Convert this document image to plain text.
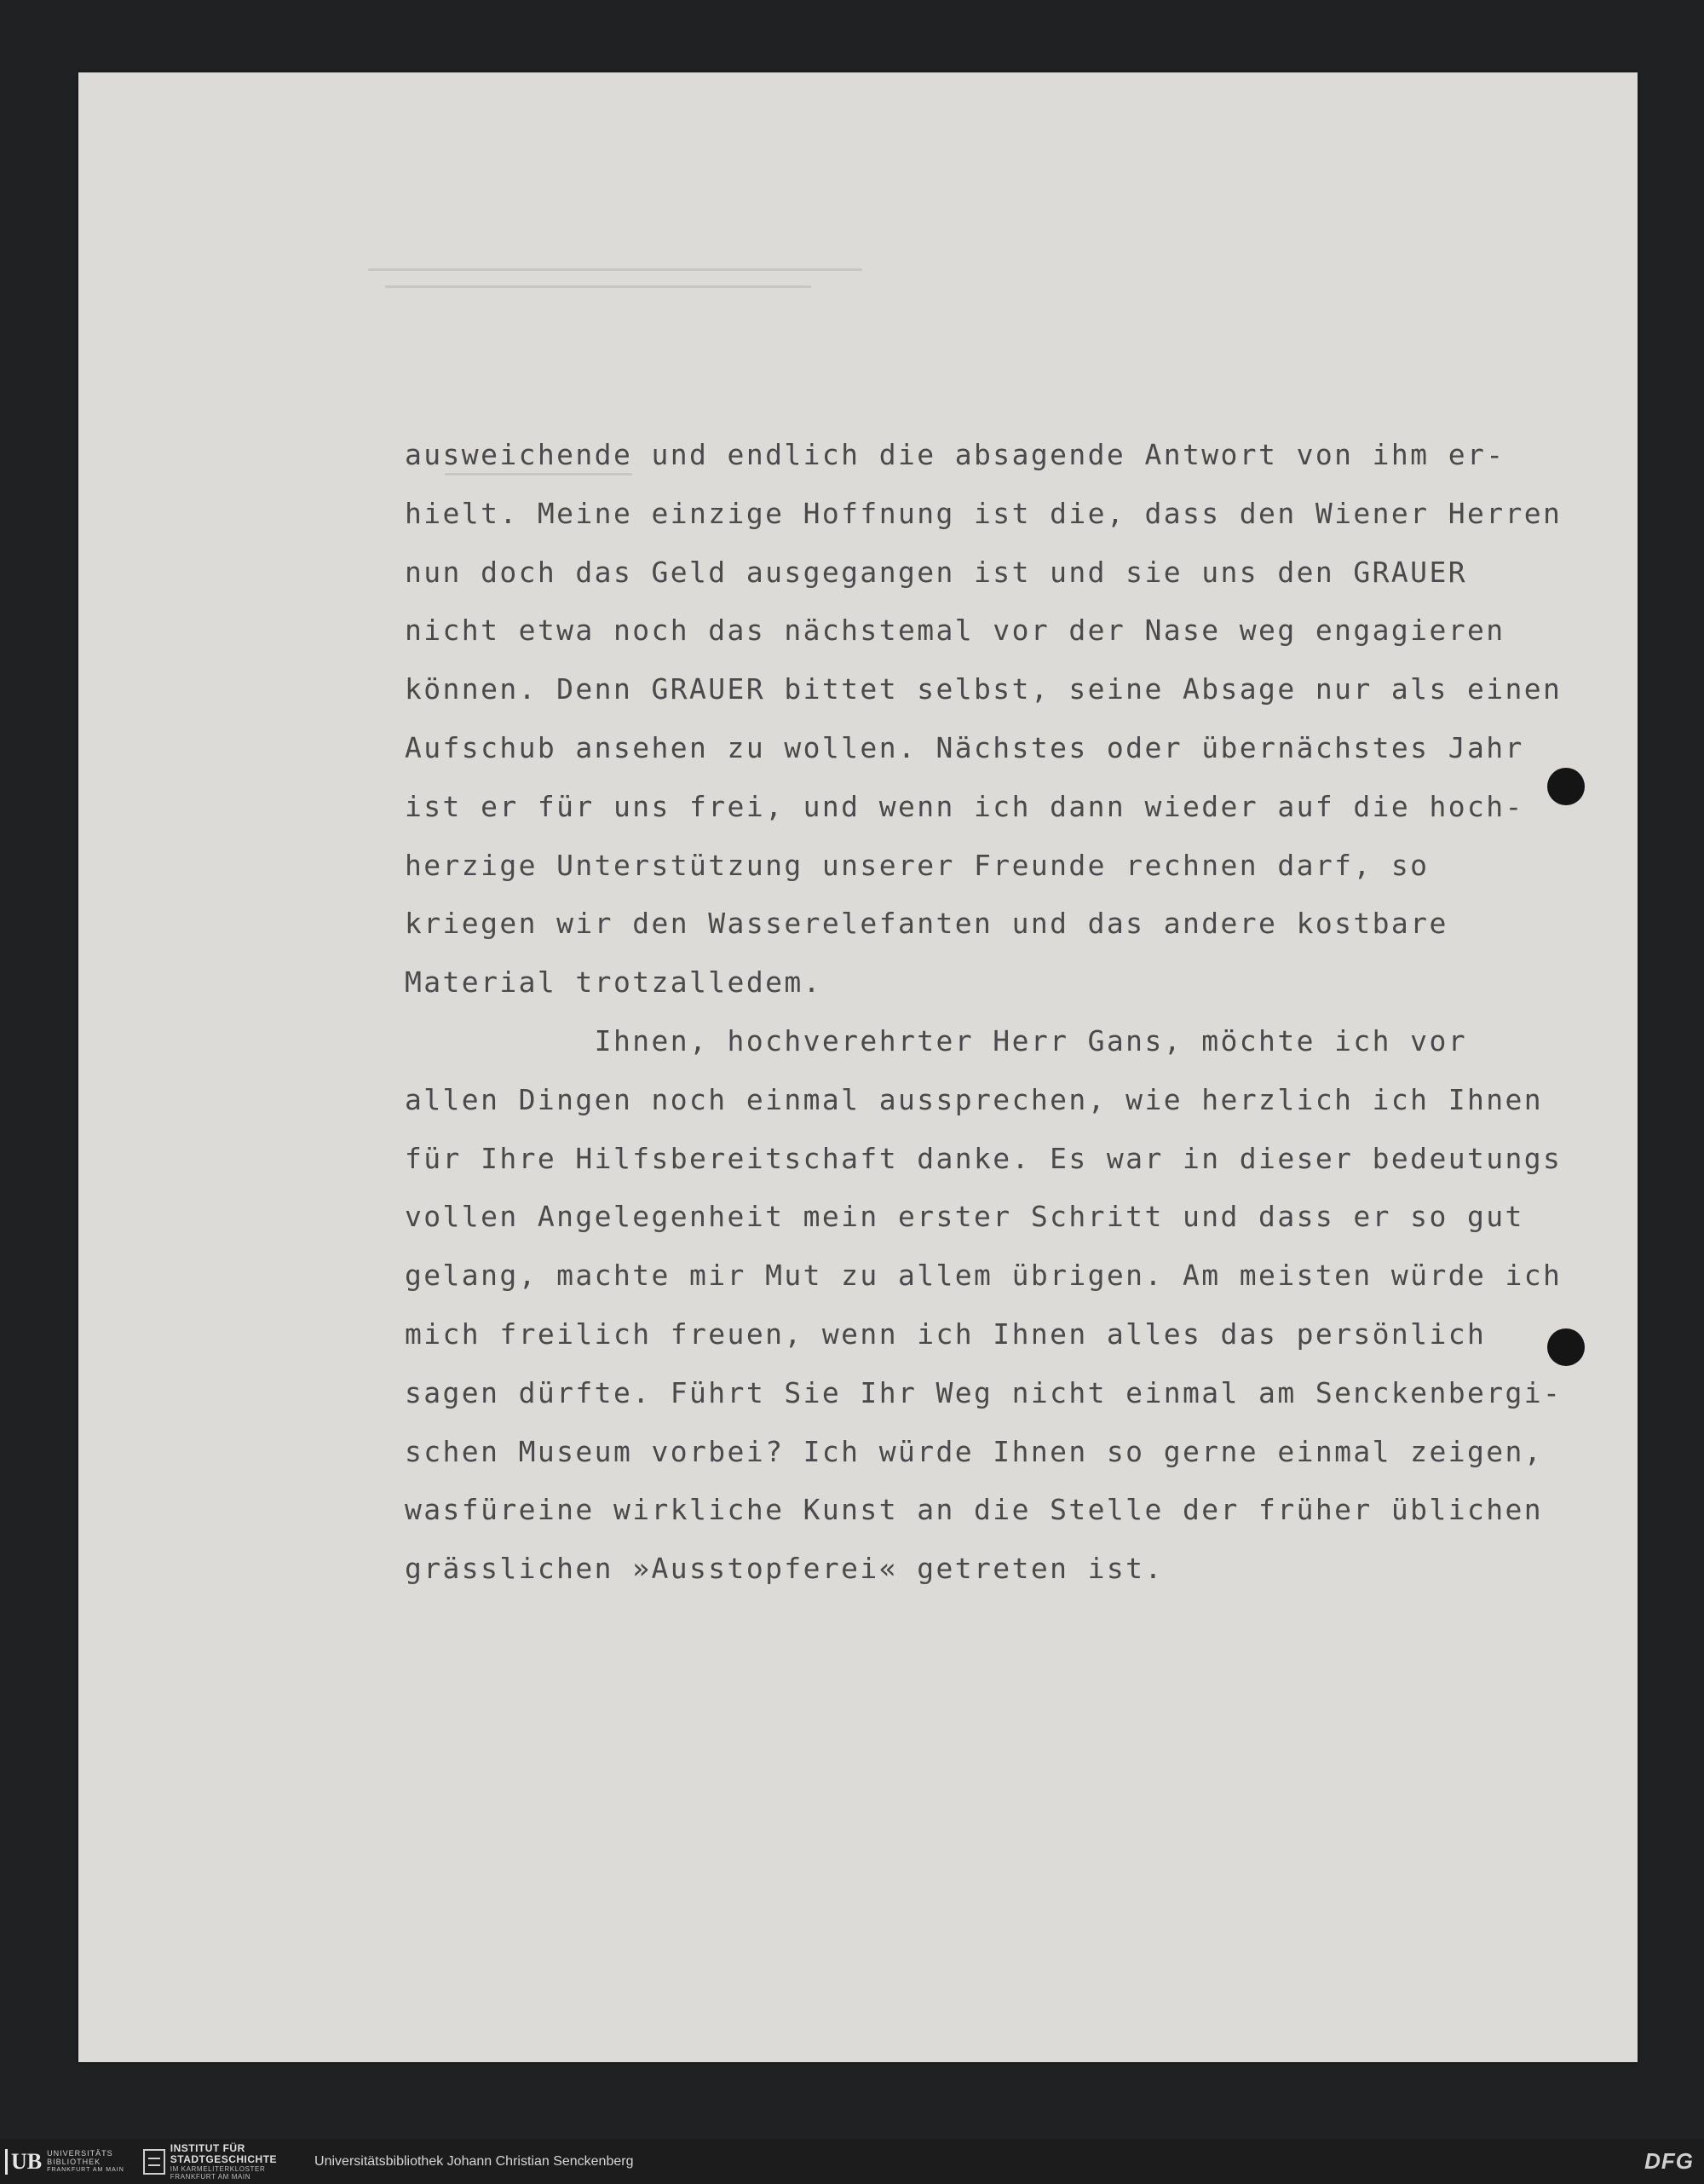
ausweichende und endlich die absagende Antwort von ihm er-
hielt. Meine einzige Hoffnung ist die, dass den Wiener Herren
nun doch das Geld ausgegangen ist und sie uns den GRAUER
nicht etwa noch das nächstemal vor der Nase weg engagieren
können. Denn GRAUER bittet selbst, seine Absage nur als einen
Aufschub ansehen zu wollen. Nächstes oder übernächstes Jahr
ist er für uns frei, und wenn ich dann wieder auf die hoch-
herzige Unterstützung unserer Freunde rechnen darf, so
kriegen wir den Wasserelefanten und das andere kostbare
Material trotzalledem.
Ihnen, hochverehrter Herr Gans, möchte ich vor
allen Dingen noch einmal aussprechen, wie herzlich ich Ihnen
für Ihre Hilfsbereitschaft danke. Es war in dieser bedeutungs
vollen Angelegenheit mein erster Schritt und dass er so gut
gelang, machte mir Mut zu allem übrigen. Am meisten würde ich
mich freilich freuen, wenn ich Ihnen alles das persönlich
sagen dürfte. Führt Sie Ihr Weg nicht einmal am Senckenbergi-
schen Museum vorbei? Ich würde Ihnen so gerne einmal zeigen,
wasfüreine wirkliche Kunst an die Stelle der früher üblichen
grässlichen »Ausstopferei« getreten ist.
UB UNIVERSITÄTS
BIBLIOTHEK
FRANKFURT AM MAIN
INSTITUT FÜR
STADTGESCHICHTE
IM KARMELITERKLOSTER
FRANKFURT AM MAIN
Universitätsbibliothek Johann Christian Senckenberg	DFG
